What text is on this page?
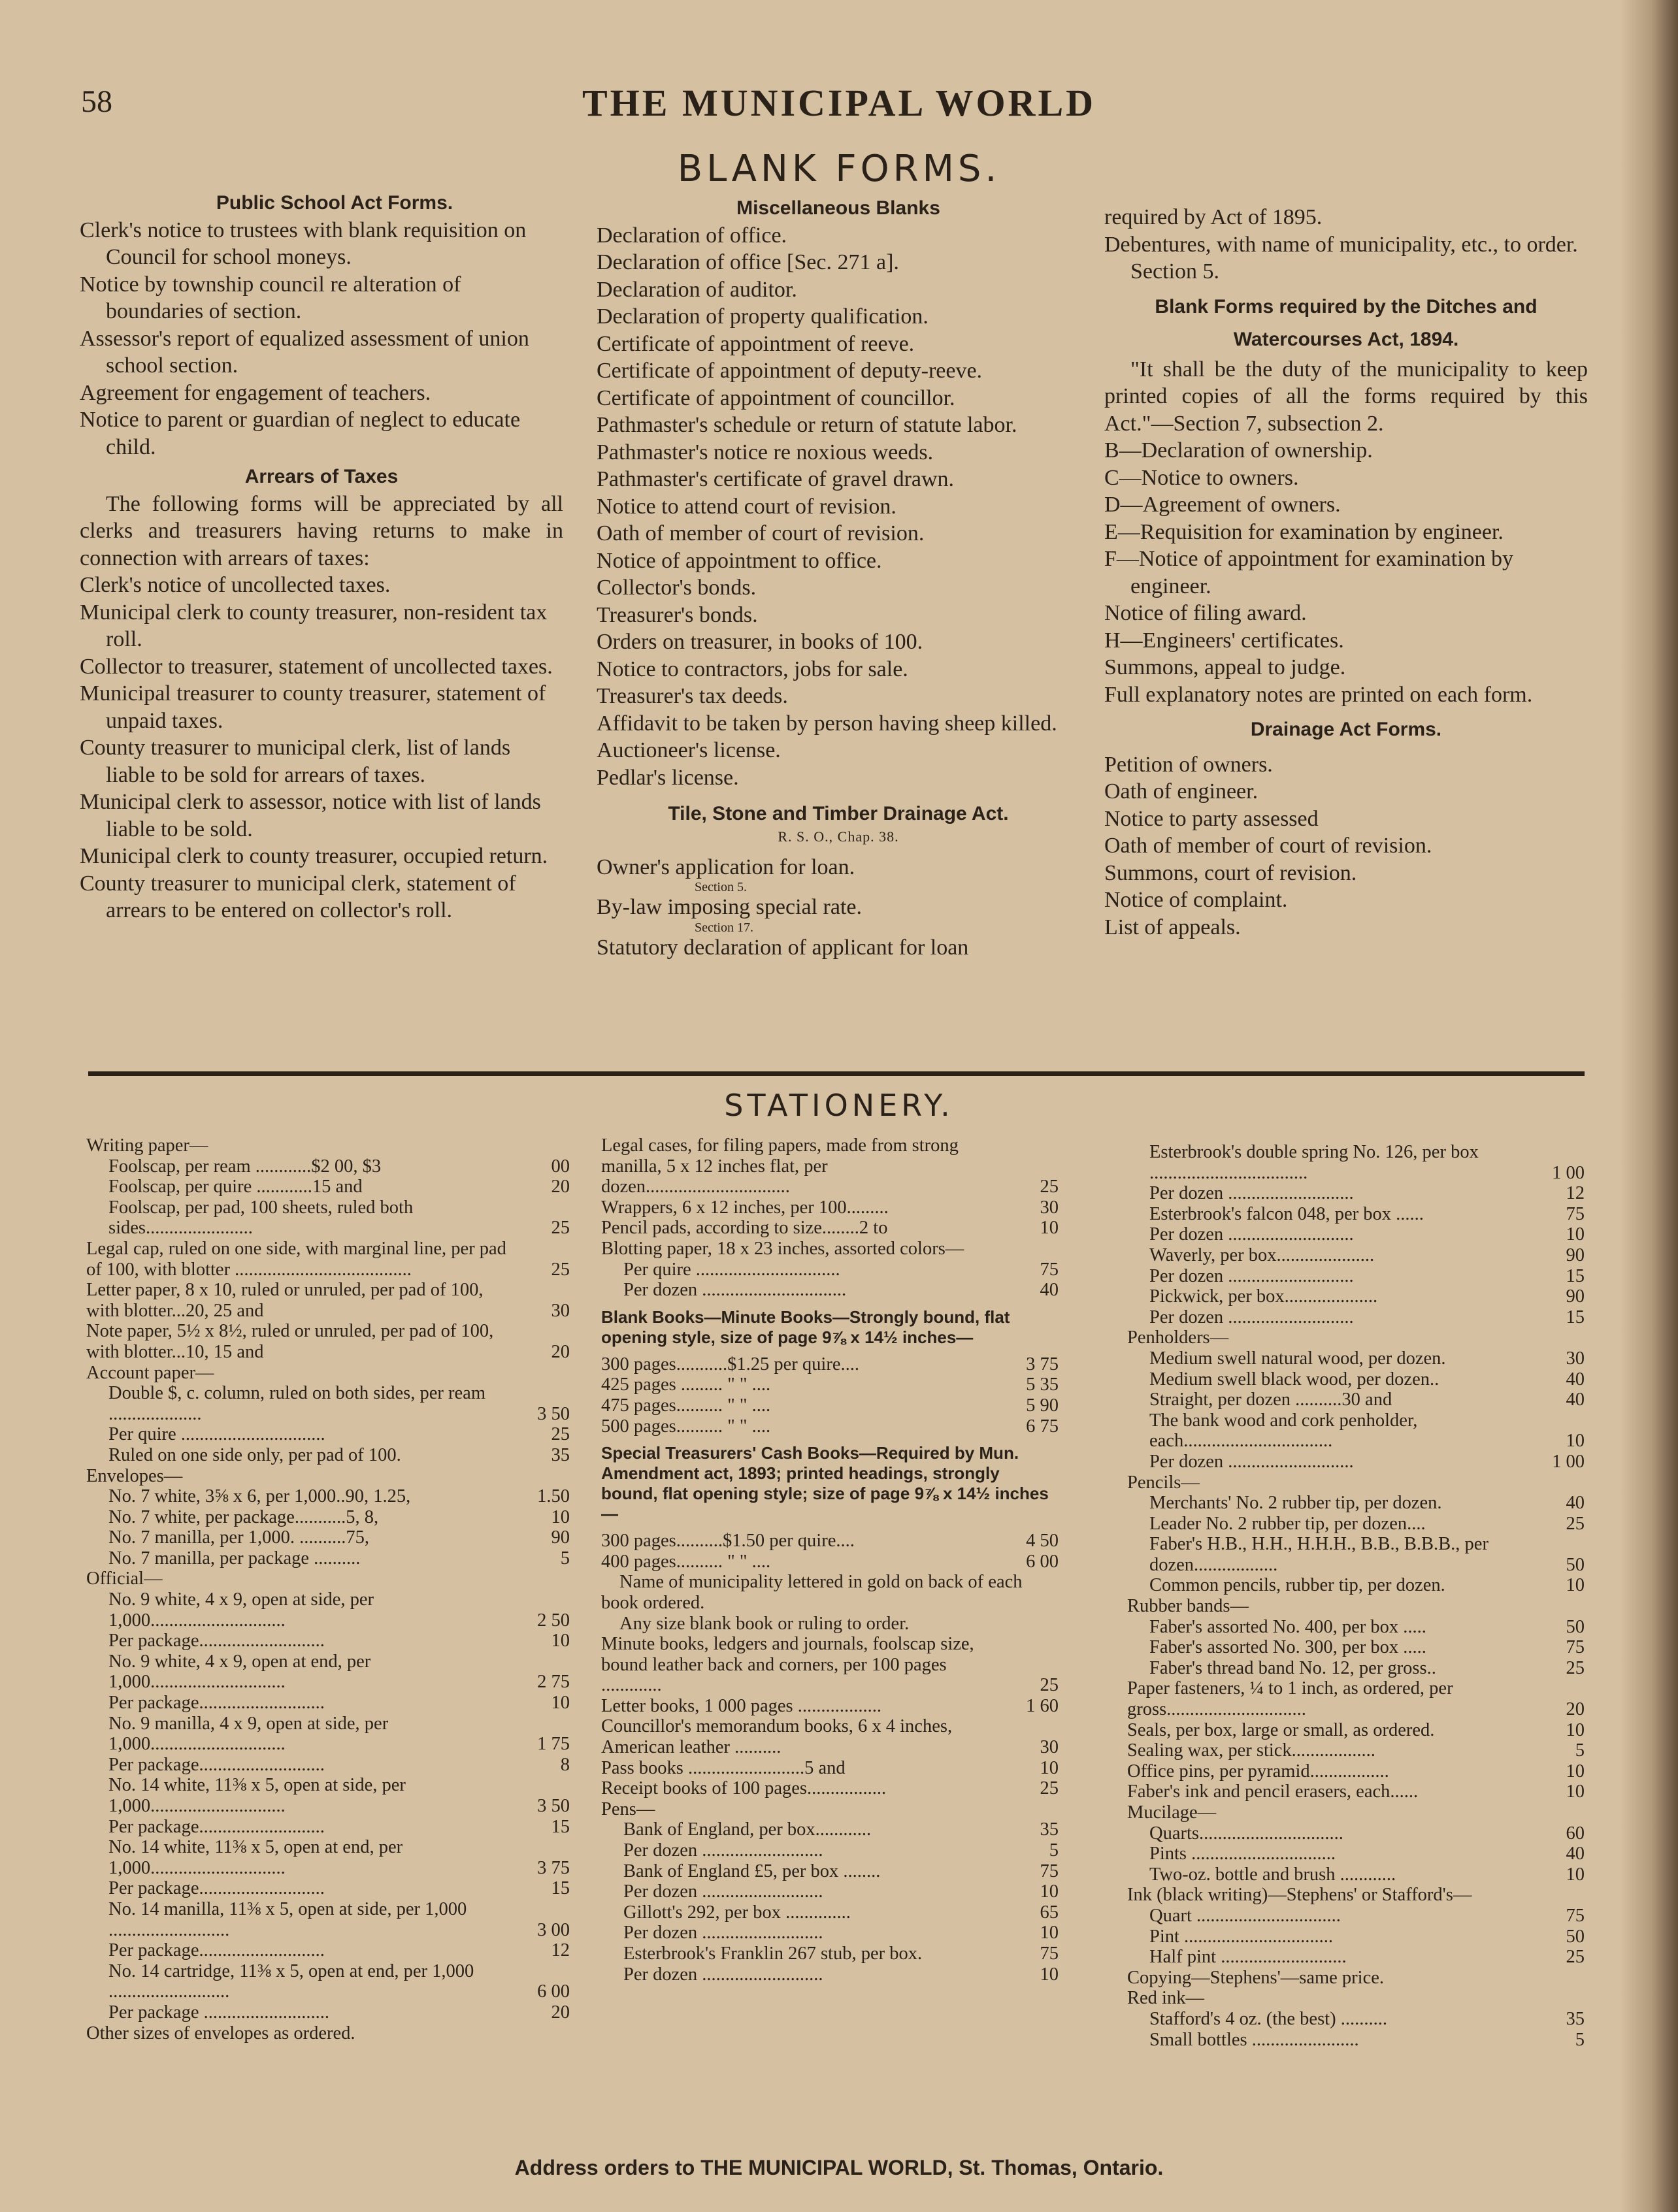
58	THE MUNICIPAL WORLD
BLANK FORMS.
Public School Act Forms.
Clerk's notice to trustees with blank requisition on Council for school moneys.
Notice by township council re alteration of boundaries of section.
Assessor's report of equalized assessment of union school section.
Agreement for engagement of teachers.
Notice to parent or guardian of neglect to educate child.
Arrears of Taxes
The following forms will be appreciated by all clerks and treasurers having returns to make in connection with arrears of taxes:
Clerk's notice of uncollected taxes.
Municipal clerk to county treasurer, non-resident tax roll.
Collector to treasurer, statement of uncollected taxes.
Municipal treasurer to county treasurer, statement of unpaid taxes.
County treasurer to municipal clerk, list of lands liable to be sold for arrears of taxes.
Municipal clerk to assessor, notice with list of lands liable to be sold.
Municipal clerk to county treasurer, occupied return.
County treasurer to municipal clerk, statement of arrears to be entered on collector's roll.
Miscellaneous Blanks
Declaration of office.
Declaration of office [Sec. 271 a].
Declaration of auditor.
Declaration of property qualification.
Certificate of appointment of reeve.
Certificate of appointment of deputy-reeve.
Certificate of appointment of councillor.
Pathmaster's schedule or return of statute labor.
Pathmaster's notice re noxious weeds.
Pathmaster's certificate of gravel drawn.
Notice to attend court of revision.
Oath of member of court of revision.
Notice of appointment to office.
Collector's bonds.
Treasurer's bonds.
Orders on treasurer, in books of 100.
Notice to contractors, jobs for sale.
Treasurer's tax deeds.
Affidavit to be taken by person having sheep killed.
Auctioneer's license.
Pedlar's license.
Tile, Stone and Timber Drainage Act.
R. S. O., Chap. 38.
Owner's application for loan.
Section 5.
By-law imposing special rate.
Section 17.
Statutory declaration of applicant for loan
required by Act of 1895.
Debentures, with name of municipality, etc., to order. Section 5.
Blank Forms required by the Ditches and Watercourses Act, 1894.
"It shall be the duty of the municipality to keep printed copies of all the forms required by this Act."—Section 7, subsection 2.
B—Declaration of ownership.
C—Notice to owners.
D—Agreement of owners.
E—Requisition for examination by engineer.
F—Notice of appointment for examination by engineer.
Notice of filing award.
H—Engineers' certificates.
Summons, appeal to judge.
Full explanatory notes are printed on each form.
Drainage Act Forms.
Petition of owners.
Oath of engineer.
Notice to party assessed
Oath of member of court of revision.
Summons, court of revision.
Notice of complaint.
List of appeals.
STATIONERY.
Writing paper—
Foolscap, per ream ............$2 00, $3	00
Foolscap, per quire ............15 and	20
Foolscap, per pad, 100 sheets, ruled both sides.......................	25
Legal cap, ruled on one side, with marginal line, per pad of 100, with blotter ......................................	25
Letter paper, 8 x 10, ruled or unruled, per pad of 100, with blotter...20, 25 and	30
Note paper, 5½ x 8½, ruled or unruled, per pad of 100, with blotter...10, 15 and	20
Account paper—
Double $, c. column, ruled on both sides, per ream ....................	3 50
Per quire ...............................	25
Ruled on one side only, per pad of 100.	35
Envelopes—
No. 7 white, 3⅝ x 6, per 1,000..90, 1.25,	1.50
No. 7 white, per package...........5, 8,	10
No. 7 manilla, per 1,000. ..........75,	90
No. 7 manilla, per package ..........	5
Official—
No. 9 white, 4 x 9, open at side, per 1,000.............................	2 50
Per package...........................	10
No. 9 white, 4 x 9, open at end, per 1,000.............................	2 75
Per package...........................	10
No. 9 manilla, 4 x 9, open at side, per 1,000.............................	1 75
Per package...........................	8
No. 14 white, 11⅜ x 5, open at side, per 1,000.............................	3 50
Per package...........................	15
No. 14 white, 11⅜ x 5, open at end, per 1,000.............................	3 75
Per package...........................	15
No. 14 manilla, 11⅜ x 5, open at side, per 1,000 ..........................	3 00
Per package...........................	12
No. 14 cartridge, 11⅜ x 5, open at end, per 1,000 ..........................	6 00
Per package ...........................	20
Other sizes of envelopes as ordered.
Legal cases, for filing papers, made from strong manilla, 5 x 12 inches flat, per dozen...............................	25
Wrappers, 6 x 12 inches, per 100.........	30
Pencil pads, according to size........2 to	10
Blotting paper, 18 x 23 inches, assorted colors—
Per quire ...............................	75
Per dozen ...............................	40
Blank Books—Minute Books—Strongly bound, flat opening style, size of page 9⅞ x 14½ inches—
300 pages...........$1.25 per quire....	3 75
425 pages ......... " " ....	5 35
475 pages.......... " " ....	5 90
500 pages.......... " " ....	6 75
Special Treasurers' Cash Books—Required by Mun. Amendment act, 1893; printed headings, strongly bound, flat opening style; size of page 9⅞ x 14½ inches—
300 pages..........$1.50 per quire....	4 50
400 pages.......... " " ....	6 00
Name of municipality lettered in gold on back of each book ordered.
Any size blank book or ruling to order.
Minute books, ledgers and journals, foolscap size, bound leather back and corners, per 100 pages .............	25
Letter books, 1 000 pages ..................	1 60
Councillor's memorandum books, 6 x 4 inches, American leather ..........	30
Pass books .........................5 and	10
Receipt books of 100 pages.................	25
Pens—
Bank of England, per box............	35
Per dozen ..........................	5
Bank of England £5, per box ........	75
Per dozen ..........................	10
Gillott's 292, per box ..............	65
Per dozen ..........................	10
Esterbrook's Franklin 267 stub, per box.	75
Per dozen ..........................	10
Esterbrook's double spring No. 126, per box ..................................	1 00
Per dozen ...........................	12
Esterbrook's falcon 048, per box ......	75
Per dozen ...........................	10
Waverly, per box.....................	90
Per dozen ...........................	15
Pickwick, per box....................	90
Per dozen ...........................	15
Penholders—
Medium swell natural wood, per dozen.	30
Medium swell black wood, per dozen..	40
Straight, per dozen ..........30 and	40
The bank wood and cork penholder, each................................	10
Per dozen ...........................	1 00
Pencils—
Merchants' No. 2 rubber tip, per dozen.	40
Leader No. 2 rubber tip, per dozen....	25
Faber's H.B., H.H., H.H.H., B.B., B.B.B., per dozen..................	50
Common pencils, rubber tip, per dozen.	10
Rubber bands—
Faber's assorted No. 400, per box .....	50
Faber's assorted No. 300, per box .....	75
Faber's thread band No. 12, per gross..	25
Paper fasteners, ¼ to 1 inch, as ordered, per gross..............................	20
Seals, per box, large or small, as ordered.	10
Sealing wax, per stick..................	5
Office pins, per pyramid.................	10
Faber's ink and pencil erasers, each......	10
Mucilage—
Quarts...............................	60
Pints ...............................	40
Two-oz. bottle and brush ............	10
Ink (black writing)—Stephens' or Stafford's—
Quart ...............................	75
Pint ................................	50
Half pint ...........................	25
Copying—Stephens'—same price.
Red ink—
Stafford's 4 oz. (the best) ..........	35
Small bottles .......................	5
Address orders to THE MUNICIPAL WORLD, St. Thomas, Ontario.
